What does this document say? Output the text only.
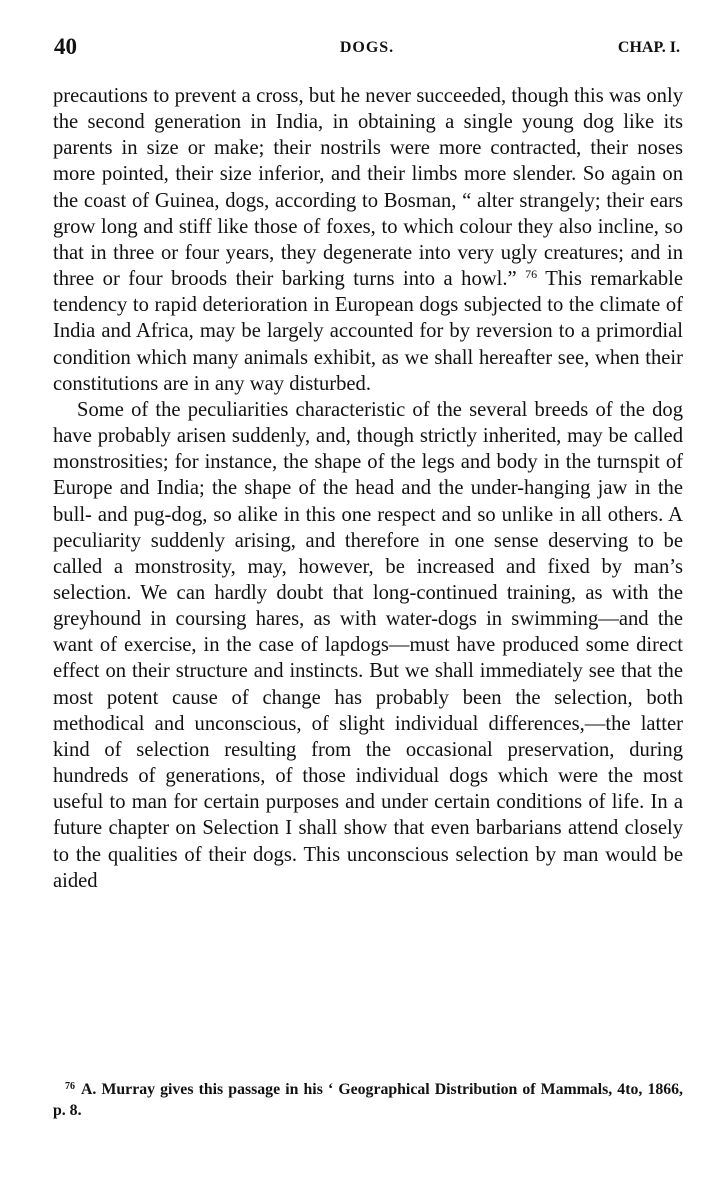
40	DOGS.	CHAP. I.

precautions to prevent a cross, but he never succeeded, though this was only the second generation in India, in obtaining a single young dog like its parents in size or make; their nostrils were more contracted, their noses more pointed, their size inferior, and their limbs more slender. So again on the coast of Guinea, dogs, according to Bosman, “ alter strangely; their ears grow long and stiff like those of foxes, to which colour they also incline, so that in three or four years, they degenerate into very ugly creatures; and in three or four broods their barking turns into a howl.” $^{76}$ This remarkable tendency to rapid deterioration in European dogs subjected to the climate of India and Africa, may be largely accounted for by reversion to a primordial condition which many animals exhibit, as we shall hereafter see, when their constitutions are in any way disturbed.

Some of the peculiarities characteristic of the several breeds of the dog have probably arisen suddenly, and, though strictly inherited, may be called monstrosities; for instance, the shape of the legs and body in the turnspit of Europe and India; the shape of the head and the under-hanging jaw in the bull- and pug-dog, so alike in this one respect and so unlike in all others. A peculiarity suddenly arising, and therefore in one sense deserving to be called a monstrosity, may, however, be increased and fixed by man’s selection. We can hardly doubt that long-continued training, as with the greyhound in coursing hares, as with water-dogs in swimming—and the want of exercise, in the case of lapdogs—must have produced some direct effect on their structure and instincts. But we shall immediately see that the most potent cause of change has probably been the selection, both methodical and unconscious, of slight individual differences,—the latter kind of selection resulting from the occasional preservation, during hundreds of generations, of those individual dogs which were the most useful to man for certain purposes and under certain conditions of life. In a future chapter on Selection I shall show that even barbarians attend closely to the qualities of their dogs. This unconscious selection by man would be aided

$^{76}$ A. Murray gives this passage in his ‘ Geographical Distribution of Mammals, 4to, 1866, p. 8.
